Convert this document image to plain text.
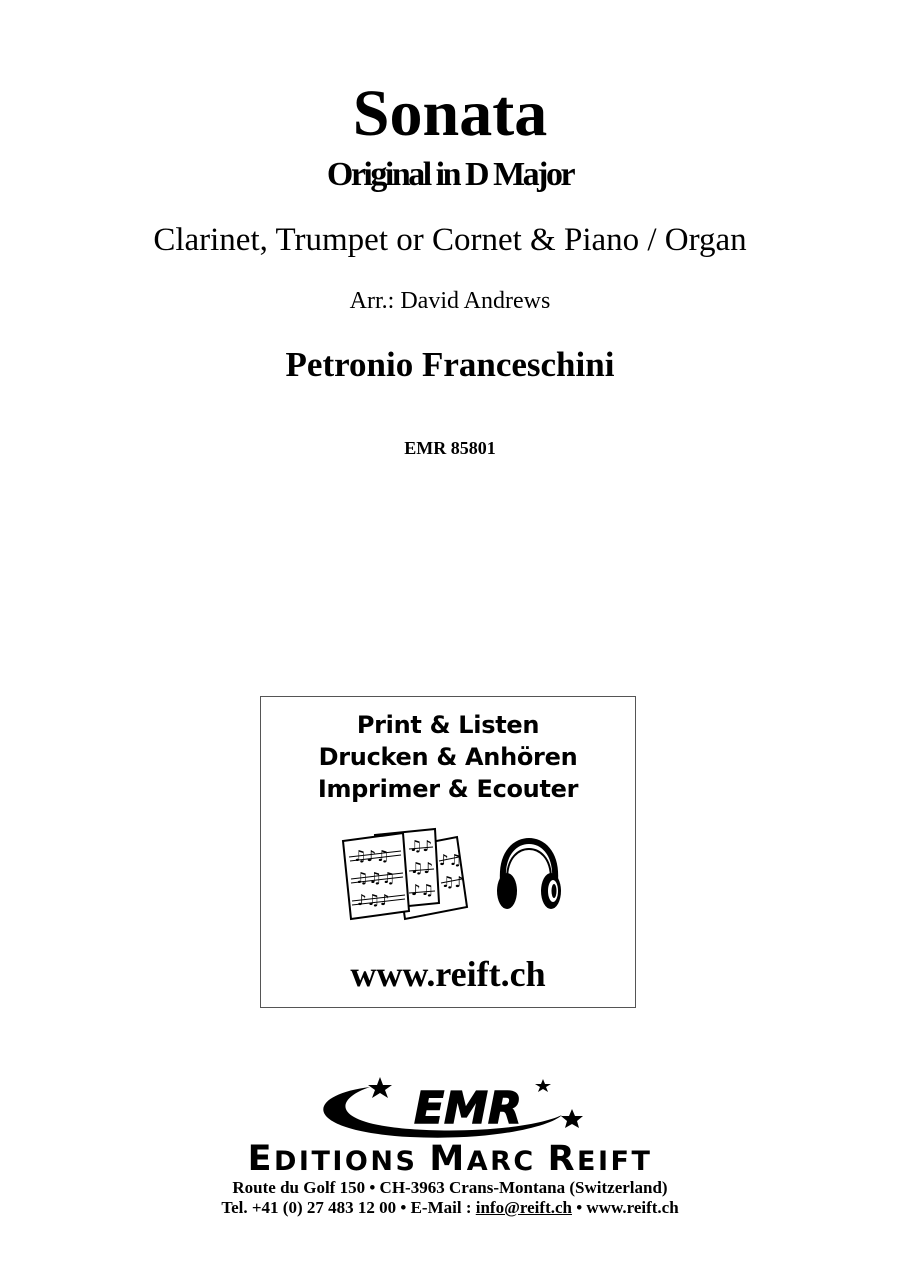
Sonata
Original in D Major
Clarinet, Trumpet or Cornet & Piano / Organ
Arr.: David Andrews
Petronio Franceschini
EMR 85801
Print & Listen
Drucken & Anhören
Imprimer & Ecouter
♫♪♫
♫♫♫
♪♫♪
♫♪
♫♪
♪♫
♪♫
♫♪
www.reift.ch
EMR
EDITIONS MARC REIFT
Route du Golf 150 • CH-3963 Crans-Montana (Switzerland)
Tel. +41 (0) 27 483 12 00 • E-Mail : info@reift.ch • www.reift.ch
